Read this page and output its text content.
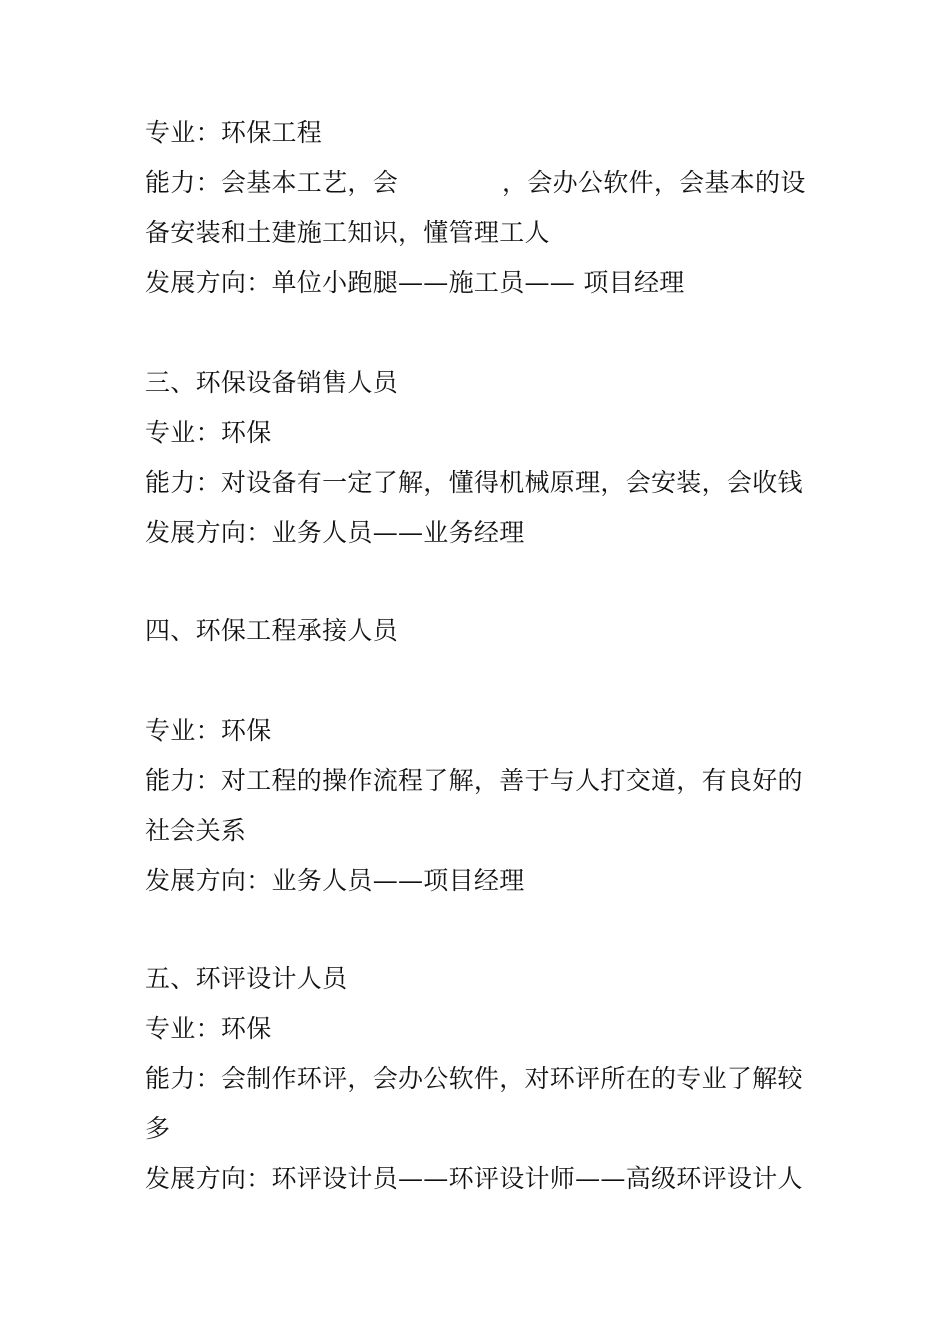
专业：环保工程
能力：会基本工艺，会	，会办公软件，会基本的设
备安装和土建施工知识，懂管理工人
发展方向：单位小跑腿——施工员—— 项目经理
三、环保设备销售人员
专业：环保
能力：对设备有一定了解，懂得机械原理，会安装，会收钱
发展方向：业务人员——业务经理
四、环保工程承接人员
专业：环保
能力：对工程的操作流程了解，善于与人打交道，有良好的
社会关系
发展方向：业务人员——项目经理
五、环评设计人员
专业：环保
能力：会制作环评，会办公软件，对环评所在的专业了解较
多
发展方向：环评设计员——环评设计师——高级环评设计人
